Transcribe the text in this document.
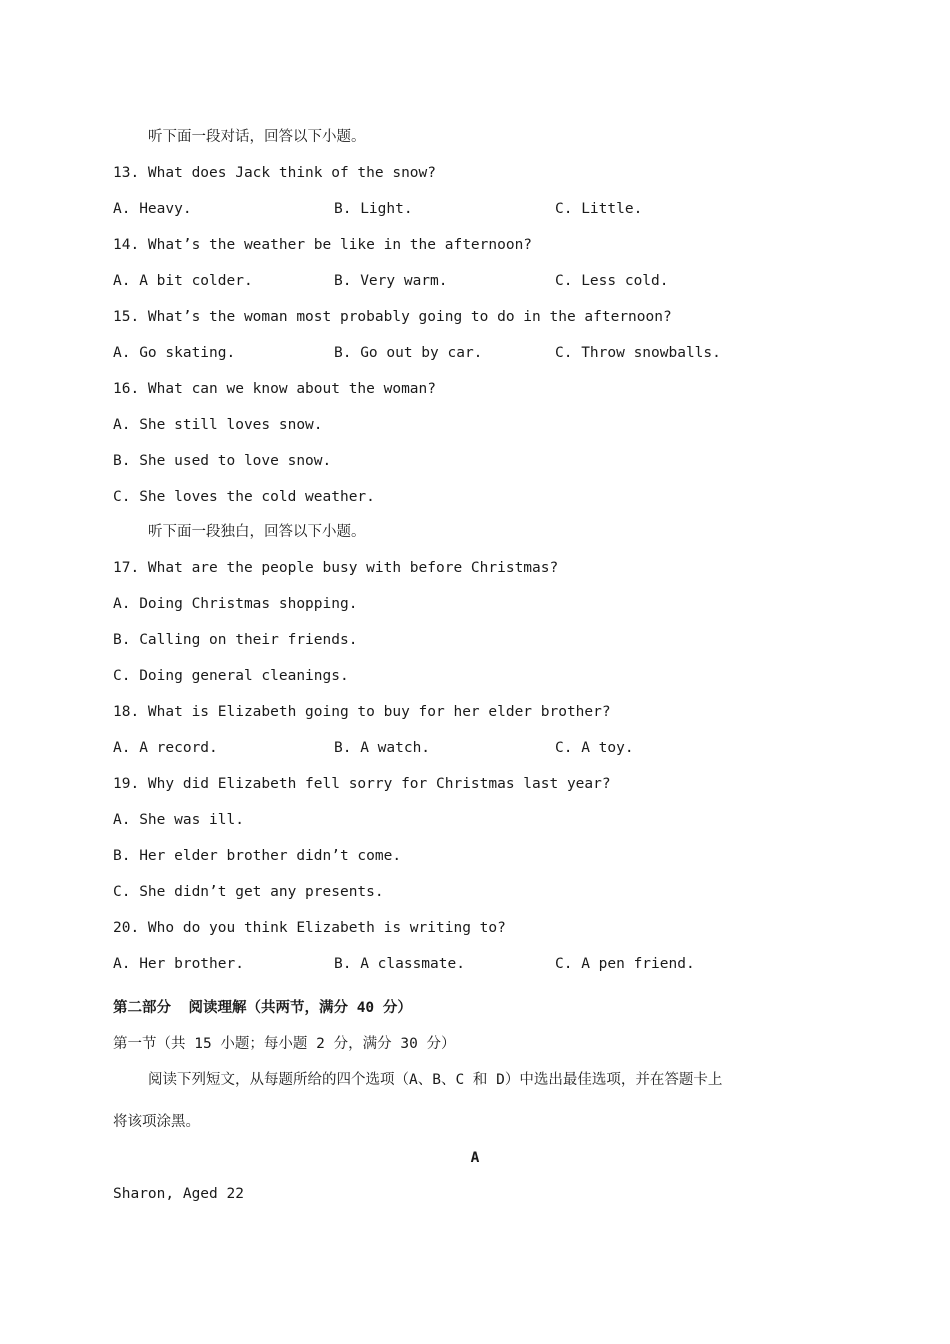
听下面一段对话，回答以下小题。
13. What does Jack think of the snow?
A. Heavy.	B. Light.	C. Little.
14. What’s the weather be like in the afternoon?
A. A bit colder.	B. Very warm.	C. Less cold.
15. What’s the woman most probably going to do in the afternoon?
A. Go skating.	B. Go out by car.	C. Throw snowballs.
16. What can we know about the woman?
A. She still loves snow.
B. She used to love snow.
C. She loves the cold weather.
听下面一段独白，回答以下小题。
17. What are the people busy with before Christmas?
A. Doing Christmas shopping.
B. Calling on their friends.
C. Doing general cleanings.
18. What is Elizabeth going to buy for her elder brother?
A. A record.	B. A watch.	C. A toy.
19. Why did Elizabeth fell sorry for Christmas last year?
A. She was ill.
B. Her elder brother didn’t come.
C. She didn’t get any presents.
20. Who do you think Elizabeth is writing to?
A. Her brother.	B. A classmate.	C. A pen friend.
第二部分  阅读理解（共两节，满分 40 分）
第一节（共 15 小题；每小题 2 分，满分 30 分）
阅读下列短文，从每题所给的四个选项（A、B、C 和 D）中选出最佳选项，并在答题卡上
将该项涂黑。
A
Sharon, Aged 22
